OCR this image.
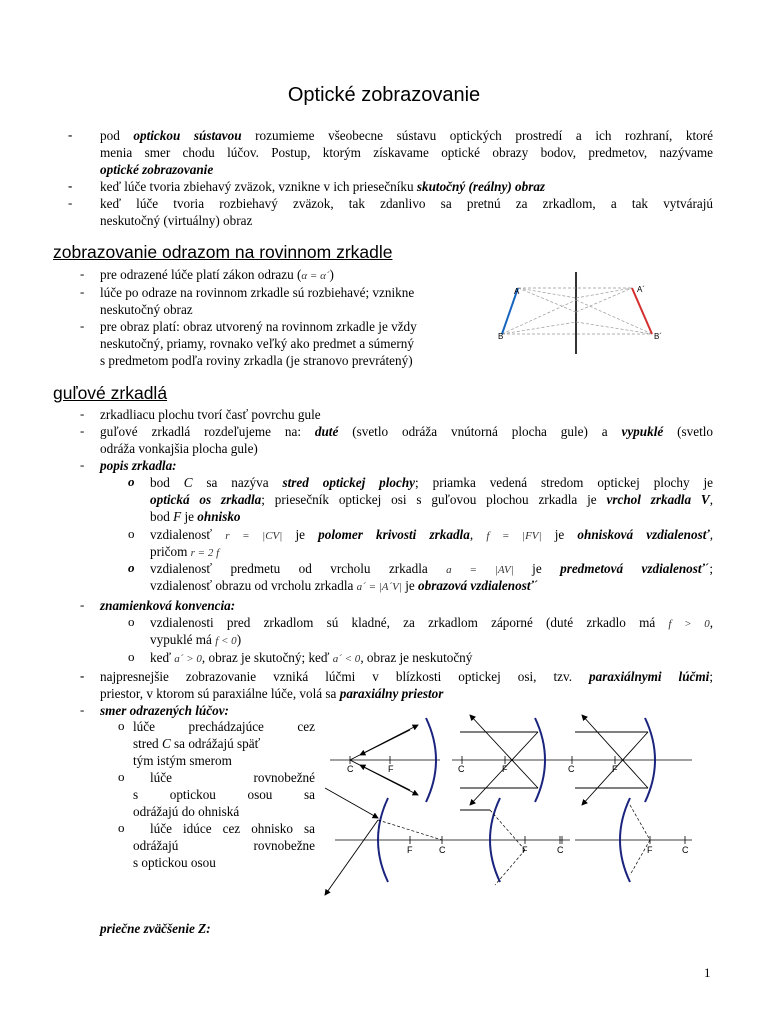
Optické zobrazovanie
- pod optickou sústavou rozumieme všeobecne sústavu optických prostredí a ich rozhraní, ktoré
menia smer chodu lúčov. Postup, ktorým získavame optické obrazy bodov, predmetov, nazývame
optické zobrazovanie
- keď lúče tvoria zbiehavý zväzok, vznikne v ich priesečníku skutočný (reálny) obraz
- keď lúče tvoria rozbiehavý zväzok, tak zdanlivo sa pretnú za zrkadlom, a tak vytvárajú
neskutočný (virtuálny) obraz
zobrazovanie odrazom na rovinnom zrkadle
- pre odrazené lúče platí zákon odrazu (α = α´)
- lúče po odraze na rovinnom zrkadle sú rozbiehavé; vznikne
neskutočný obraz
- pre obraz platí: obraz utvorený na rovinnom zrkadle je vždy
neskutočný, priamy, rovnako veľký ako predmet a súmerný
s predmetom podľa roviny zrkadla (je stranovo prevrátený)
A
B
A´
B´
guľové zrkadlá
- zrkadliacu plochu tvorí časť povrchu gule
- guľové zrkadlá rozdeľujeme na: duté (svetlo odráža vnútorná plocha gule) a vypuklé (svetlo
odráža vonkajšia plocha gule)
- popis zrkadla:
o bod C sa nazýva stred optickej plochy; priamka vedená stredom optickej plochy je
optická os zrkadla; priesečník optickej osi s guľovou plochou zrkadla je vrchol zrkadla V,
bod F je ohnisko
o vzdialenosť r = |CV| je polomer krivosti zrkadla, f = |FV| je ohnisková vzdialenosť,
pričom r = 2 f
o vzdialenosť predmetu od vrcholu zrkadla a = |AV| je predmetová vzdialenosť´;
vzdialenosť obrazu od vrcholu zrkadla a´ = |A´V| je obrazová vzdialenosť´
- znamienková konvencia:
o vzdialenosti pred zrkadlom sú kladné, za zrkadlom záporné (duté zrkadlo má f > 0,
vypuklé má f < 0)
o keď a´ > 0, obraz je skutočný; keď a´ < 0, obraz je neskutočný
- najpresnejšie zobrazovanie vzniká lúčmi v blízkosti optickej osi, tzv. paraxiálnymi lúčmi;
priestor, v ktorom sú paraxiálne lúče, volá sa paraxiálny priestor
- smer odrazených lúčov:
o lúče prechádzajúce cez
stred C sa odrážajú späť
tým istým smerom
o lúče rovnobežné
s optickou osou sa
odrážajú do ohniská
o lúče idúce cez ohnisko sa
odrážajú rovnobežne
s optickou osou
C	F	C	F	C	F
F	C	F	C	F	C
priečne zväčšenie Z:
1
